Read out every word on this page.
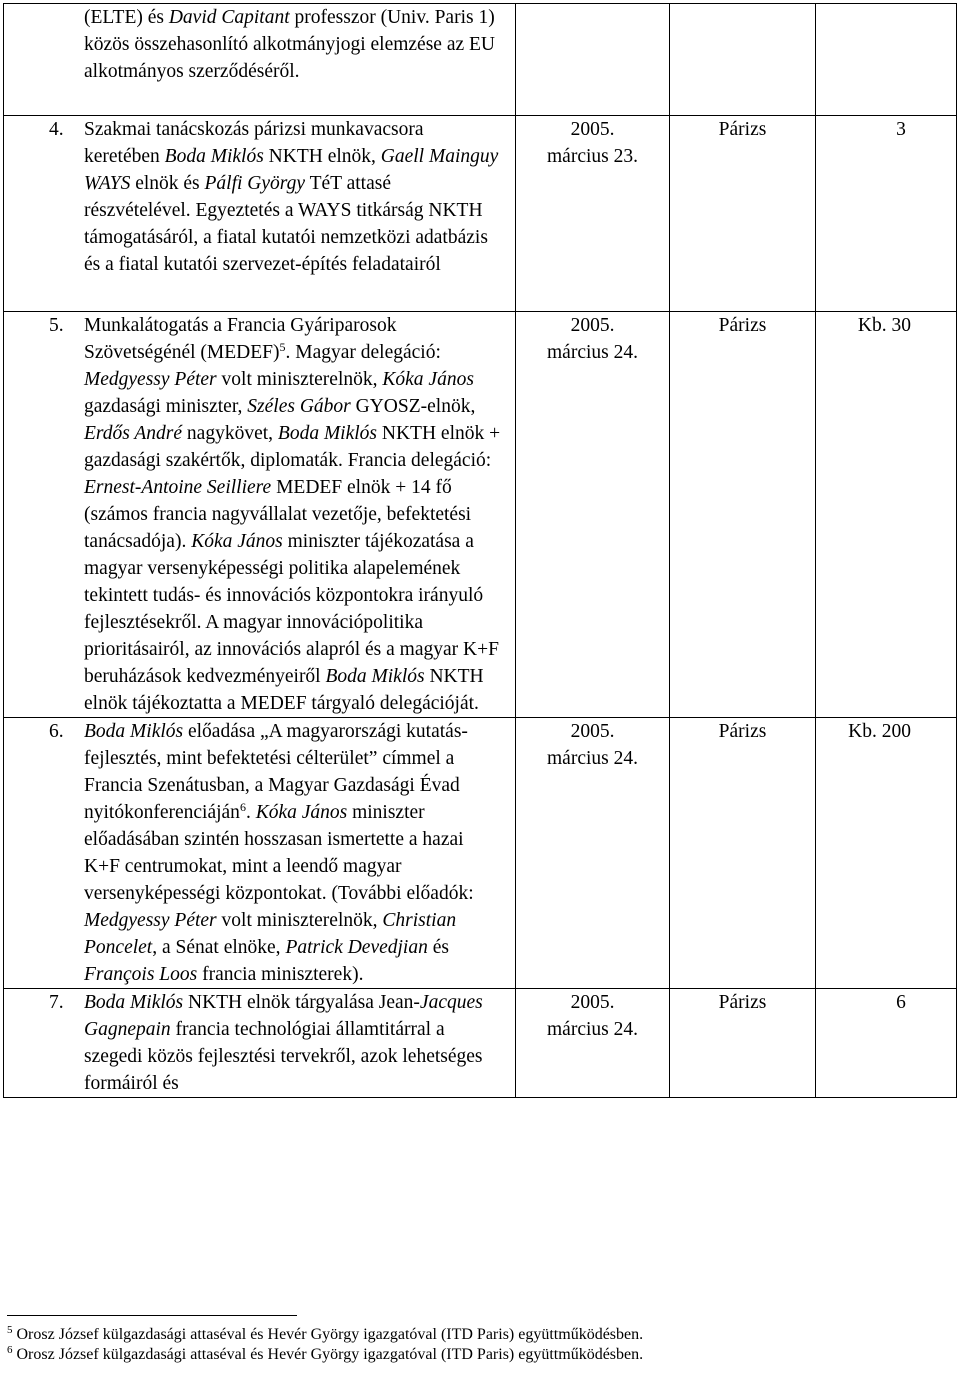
(ELTE) és David Capitant professzor (Univ. Paris 1) közös összehasonlító alkotmányjogi elemzése az EU alkotmányos szerződéséről.			

4. Szakmai tanácskozás párizsi munkavacsora keretében Boda Miklós NKTH elnök, Gaell Mainguy WAYS elnök és Pálfi György TéT attasé részvételével. Egyeztetés a WAYS titkárság NKTH támogatásáról, a fiatal kutatói nemzetközi adatbázis és a fiatal kutatói szervezet-építés feladatairól	2005.
március 23.	Párizs	3

5. Munkalátogatás a Francia Gyáriparosok Szövetségénél (MEDEF)$^5$. Magyar delegáció: Medgyessy Péter volt miniszterelnök, Kóka János gazdasági miniszter, Széles Gábor GYOSZ-elnök, Erdős André nagykövet, Boda Miklós NKTH elnök + gazdasági szakértők, diplomaták. Francia delegáció: Ernest-Antoine Seilliere MEDEF elnök + 14 fő (számos francia nagyvállalat vezetője, befektetési tanácsadója). Kóka János miniszter tájékozatása a magyar versenyképességi politika alapelemének tekintett tudás- és innovációs központokra irányuló fejlesztésekről. A magyar innovációpolitika prioritásairól, az innovációs alapról és a magyar K+F beruházások kedvezményeiről Boda Miklós NKTH elnök tájékoztatta a MEDEF tárgyaló delegációját.	2005.
március 24.	Párizs	Kb. 30

6. Boda Miklós előadása „A magyarországi kutatás-fejlesztés, mint befektetési célterület” címmel a Francia Szenátusban, a Magyar Gazdasági Évad nyitókonferenciáján$^6$. Kóka János miniszter előadásában szintén hosszasan ismertette a hazai K+F centrumokat, mint a leendő magyar versenyképességi központokat. (További előadók: Medgyessy Péter volt miniszterelnök, Christian Poncelet, a Sénat elnöke, Patrick Devedjian és François Loos francia miniszterek).	2005.
március 24.	Párizs	Kb. 200

7. Boda Miklós NKTH elnök tárgyalása Jean-Jacques Gagnepain francia technológiai államtitárral a szegedi közös fejlesztési tervekről, azok lehetséges formáiról és	2005.
március 24.	Párizs	6
$^5$ Orosz József külgazdasági attaséval és Hevér György igazgatóval (ITD Paris) együttműködésben.
$^6$ Orosz József külgazdasági attaséval és Hevér György igazgatóval (ITD Paris) együttműködésben.
